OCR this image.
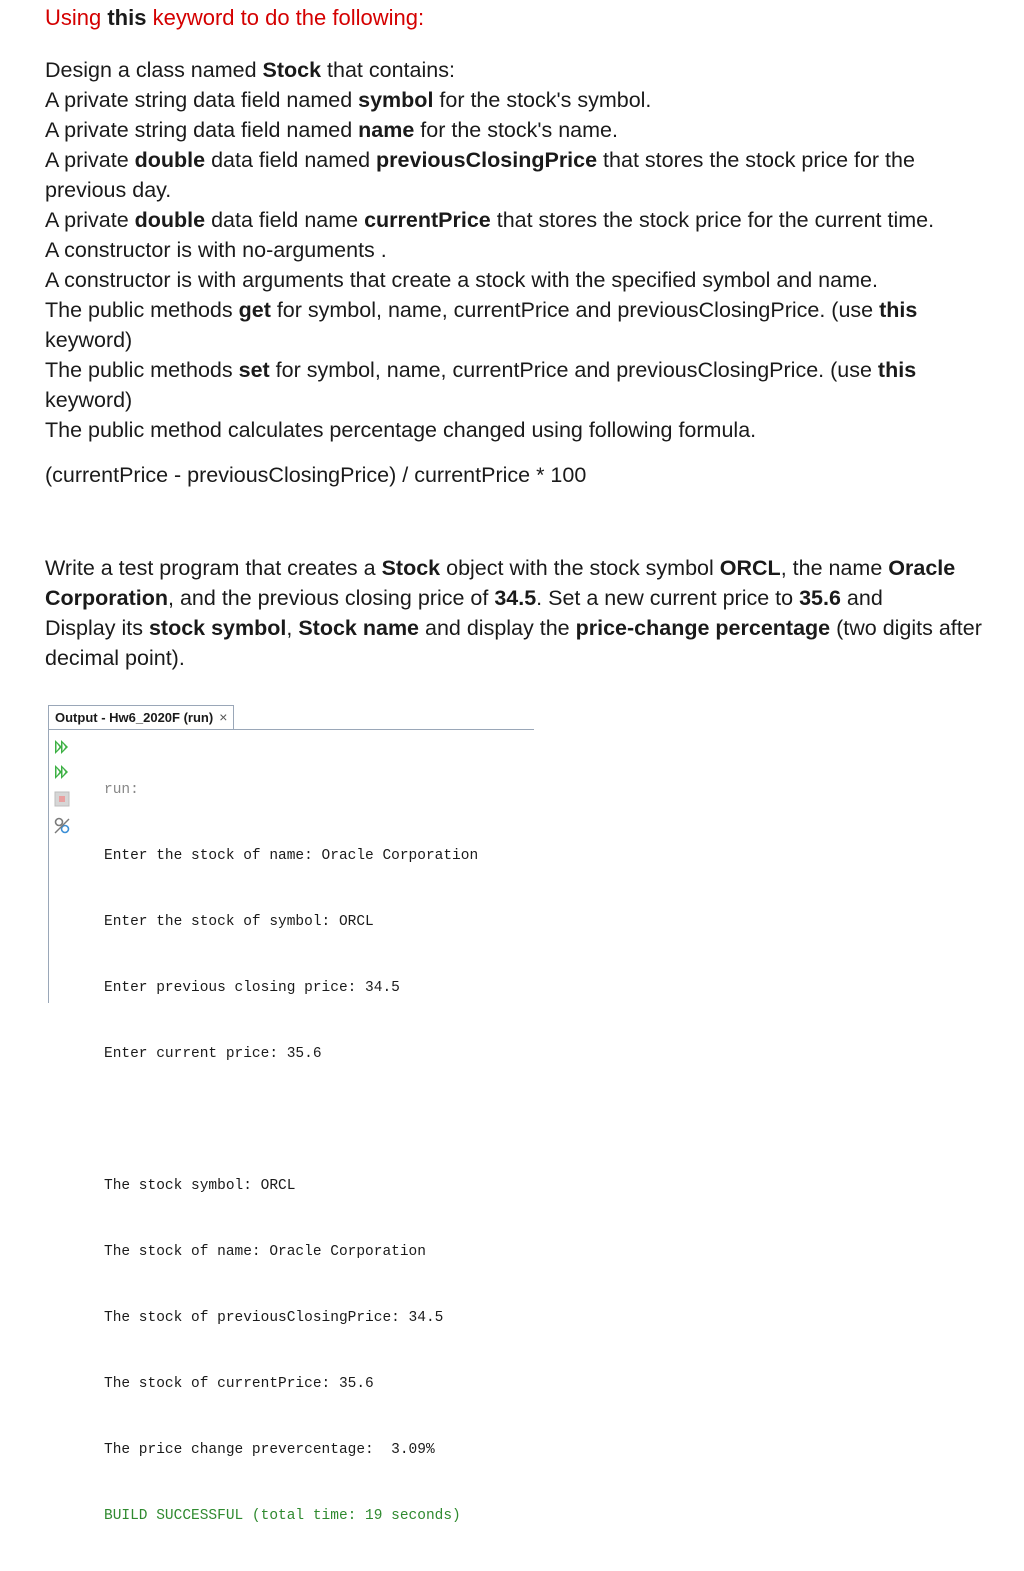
Using this keyword to do the following:
Design a class named Stock that contains:
A private string data field named symbol for the stock's symbol.
A private string data field named name for the stock's name.
A private double data field named previousClosingPrice that stores the stock price for the
previous day.
A private double data field name currentPrice that stores the stock price for the current time.
A constructor is with no-arguments .
A constructor is with arguments that create a stock with the specified symbol and name.
The public methods get for symbol, name, currentPrice and previousClosingPrice. (use this
keyword)
The public methods set for symbol, name, currentPrice and previousClosingPrice. (use this
keyword)
The public method calculates percentage changed using following formula.
(currentPrice - previousClosingPrice) / currentPrice * 100
Write a test program that creates a Stock object with the stock symbol ORCL, the name Oracle
Corporation, and the previous closing price of 34.5. Set a new current price to 35.6 and
Display its stock symbol, Stock name and display the price-change percentage (two digits after
decimal point).
Output - Hw6_2020F (run) ×

run:

Enter the stock of name: Oracle Corporation

Enter the stock of symbol: ORCL

Enter previous closing price: 34.5

Enter current price: 35.6

The stock symbol: ORCL

The stock of name: Oracle Corporation

The stock of previousClosingPrice: 34.5

The stock of currentPrice: 35.6

The price change prevercentage:  3.09%

BUILD SUCCESSFUL (total time: 19 seconds)
